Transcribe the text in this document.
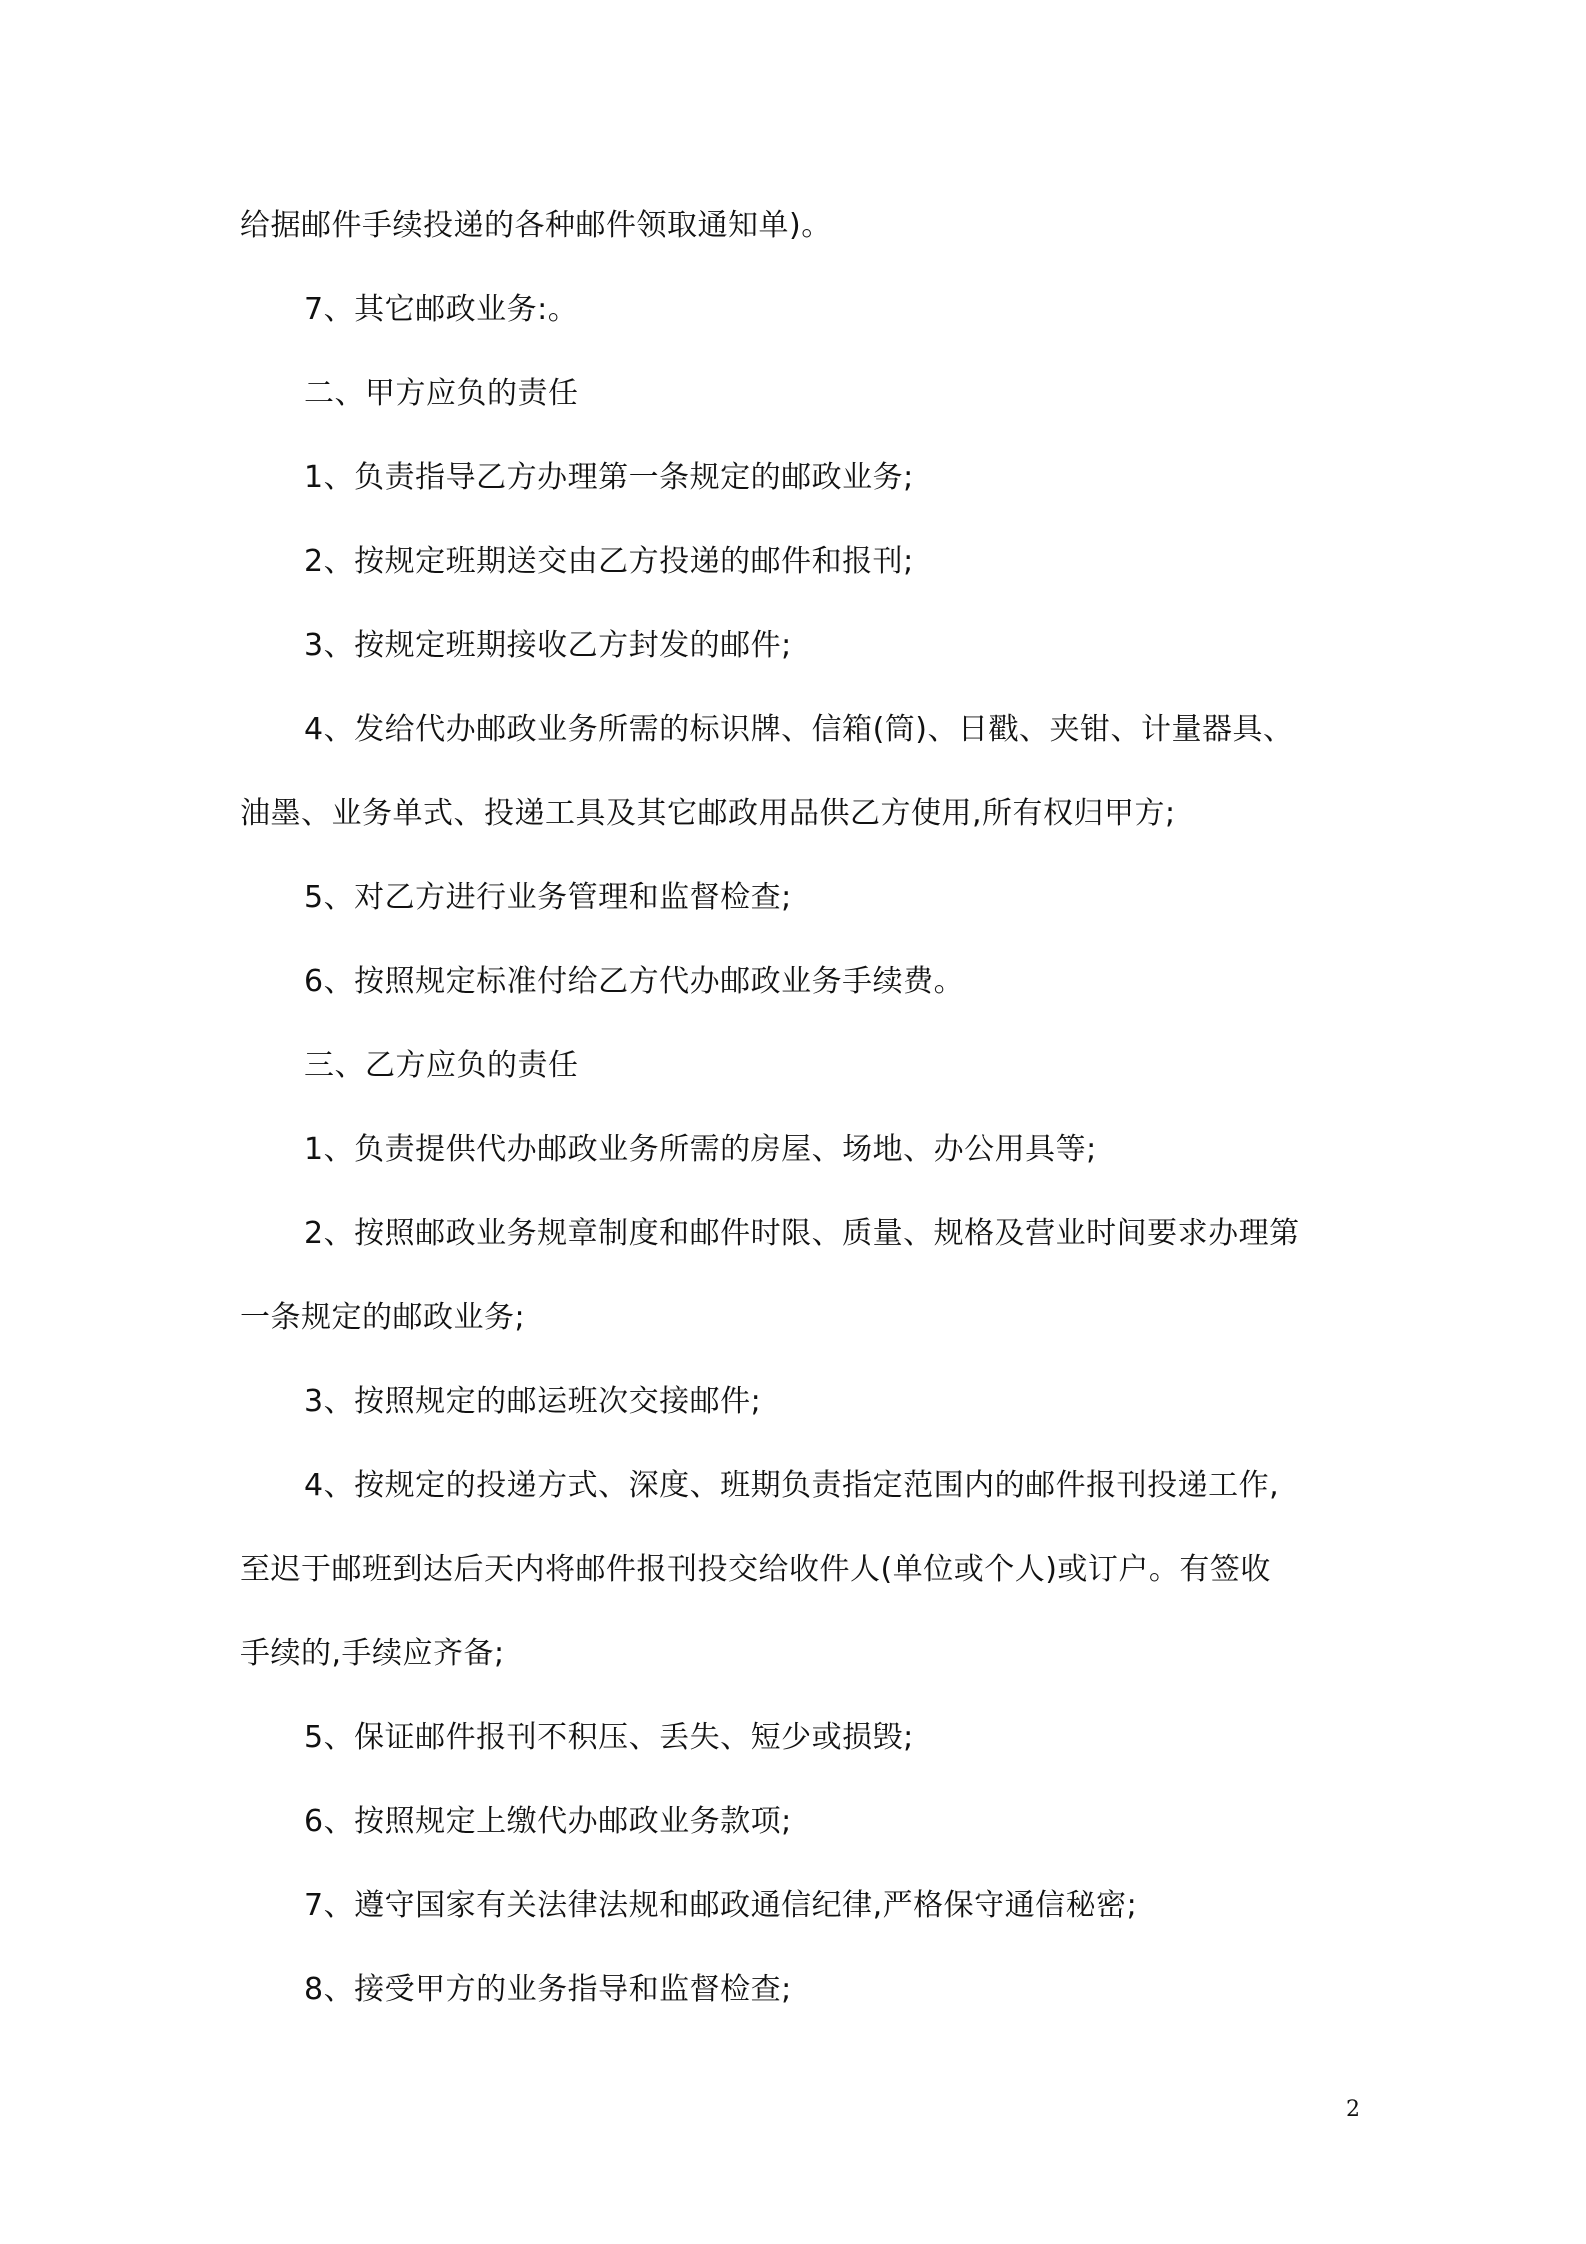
给据邮件手续投递的各种邮件领取通知单)。
7、其它邮政业务:。
二、甲方应负的责任
1、负责指导乙方办理第一条规定的邮政业务;
2、按规定班期送交由乙方投递的邮件和报刊;
3、按规定班期接收乙方封发的邮件;
4、发给代办邮政业务所需的标识牌、信箱(筒)、日戳、夹钳、计量器具、
油墨、业务单式、投递工具及其它邮政用品供乙方使用,所有权归甲方;
5、对乙方进行业务管理和监督检查;
6、按照规定标准付给乙方代办邮政业务手续费。
三、乙方应负的责任
1、负责提供代办邮政业务所需的房屋、场地、办公用具等;
2、按照邮政业务规章制度和邮件时限、质量、规格及营业时间要求办理第
一条规定的邮政业务;
3、按照规定的邮运班次交接邮件;
4、按规定的投递方式、深度、班期负责指定范围内的邮件报刊投递工作,
至迟于邮班到达后天内将邮件报刊投交给收件人(单位或个人)或订户。有签收
手续的,手续应齐备;
5、保证邮件报刊不积压、丢失、短少或损毁;
6、按照规定上缴代办邮政业务款项;
7、遵守国家有关法律法规和邮政通信纪律,严格保守通信秘密;
8、接受甲方的业务指导和监督检查;
2
